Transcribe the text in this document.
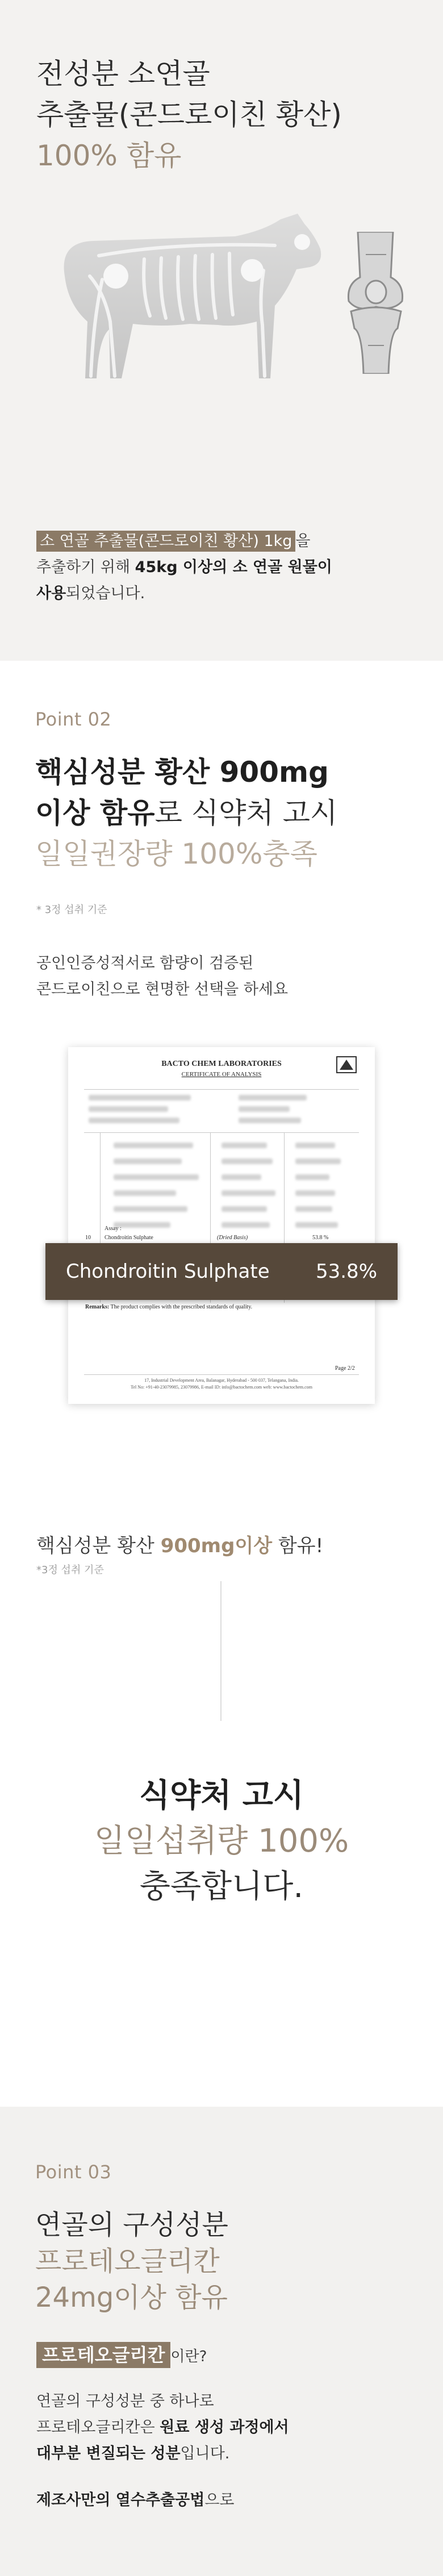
전성분 소연골
추출물(콘드로이친 황산)
100% 함유
소 연골 추출물(콘드로이친 황산) 1kg 을
추출하기 위해 45kg 이상의 소 연골 원물이
사용되었습니다.
Point 02
핵심성분 황산 900mg
이상 함유로 식약처 고시
일일권장량 100%충족
* 3정 섭취 기준
공인인증성적서로 함량이 검증된
콘드로이친으로 현명한 선택을 하세요
BACTO CHEM LABORATORIES
CERTIFICATE OF ANALYSIS
Assay :
10 Chondroitin Sulphate	(Dried Basis)	53.8 %
Remarks: The product complies with the prescribed standards of quality.
Page 2/2
17, Industrial Development Area, Balanagar, Hyderabad - 500 037, Telangana, India.
Tel No: +91-40-23079985, 23079986, E-mail ID: info@bactochem.com web: www.bactochem.com
Chondroitin Sulphate 53.8%
핵심성분 황산 900mg이상 함유!
*3정 섭취 기준
식약처 고시
일일섭취량 100%
충족합니다.
Point 03
연골의 구성성분
프로테오글리칸
24mg이상 함유
프로테오글리칸 이란?
연골의 구성성분 중 하나로
프로테오글리칸은 원료 생성 과정에서
대부분 변질되는 성분입니다.
제조사만의 열수추출공법으로
